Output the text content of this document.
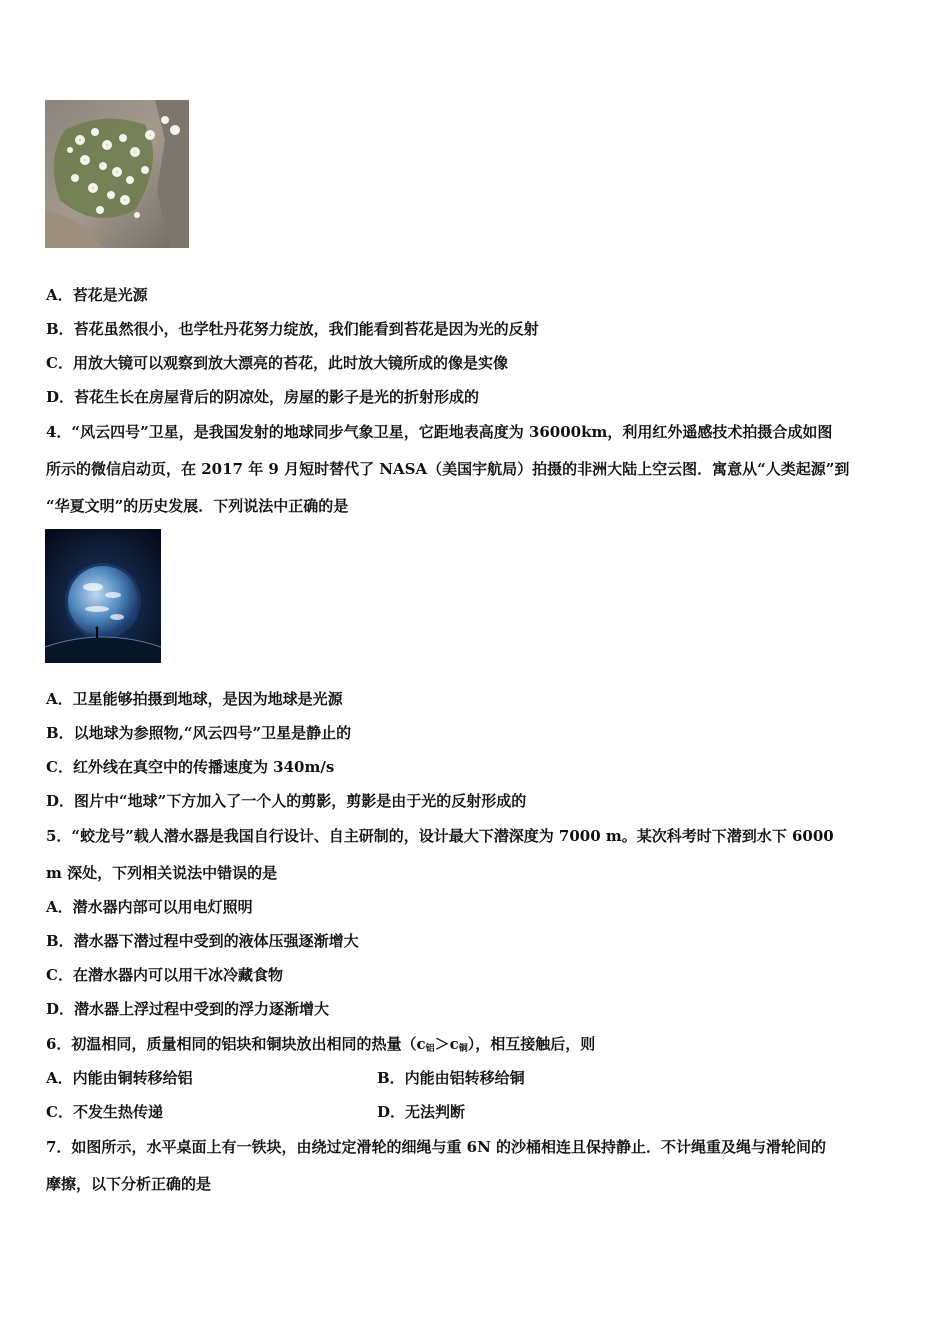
A．苔花是光源
B．苔花虽然很小，也学牡丹花努力绽放，我们能看到苔花是因为光的反射
C．用放大镜可以观察到放大漂亮的苔花，此时放大镜所成的像是实像
D．苔花生长在房屋背后的阴凉处，房屋的影子是光的折射形成的
4．“风云四号”卫星，是我国发射的地球同步气象卫星，它距地表高度为 36000km，利用红外遥感技术拍摄合成如图
所示的微信启动页，在 2017 年 9 月短时替代了 NASA（美国宇航局）拍摄的非洲大陆上空云图．寓意从“人类起源”到
“华夏文明”的历史发展．下列说法中正确的是
A．卫星能够拍摄到地球，是因为地球是光源
B．以地球为参照物,“风云四号”卫星是静止的
C．红外线在真空中的传播速度为 340m/s
D．图片中“地球”下方加入了一个人的剪影，剪影是由于光的反射形成的
5．“蛟龙号”载人潜水器是我国自行设计、自主研制的，设计最大下潜深度为 7000 m。某次科考时下潜到水下 6000
m 深处，下列相关说法中错误的是
A．潜水器内部可以用电灯照明
B．潜水器下潜过程中受到的液体压强逐渐增大
C．在潜水器内可以用干冰冷藏食物
D．潜水器上浮过程中受到的浮力逐渐增大
6．初温相同，质量相同的铝块和铜块放出相同的热量$(c_铝>c_铜)$，相互接触后，则
A．内能由铜转移给铝	B．内能由铝转移给铜
C．不发生热传递	D．无法判断
7．如图所示，水平桌面上有一铁块，由绕过定滑轮的细绳与重 6N 的沙桶相连且保持静止．不计绳重及绳与滑轮间的
摩擦，以下分析正确的是
